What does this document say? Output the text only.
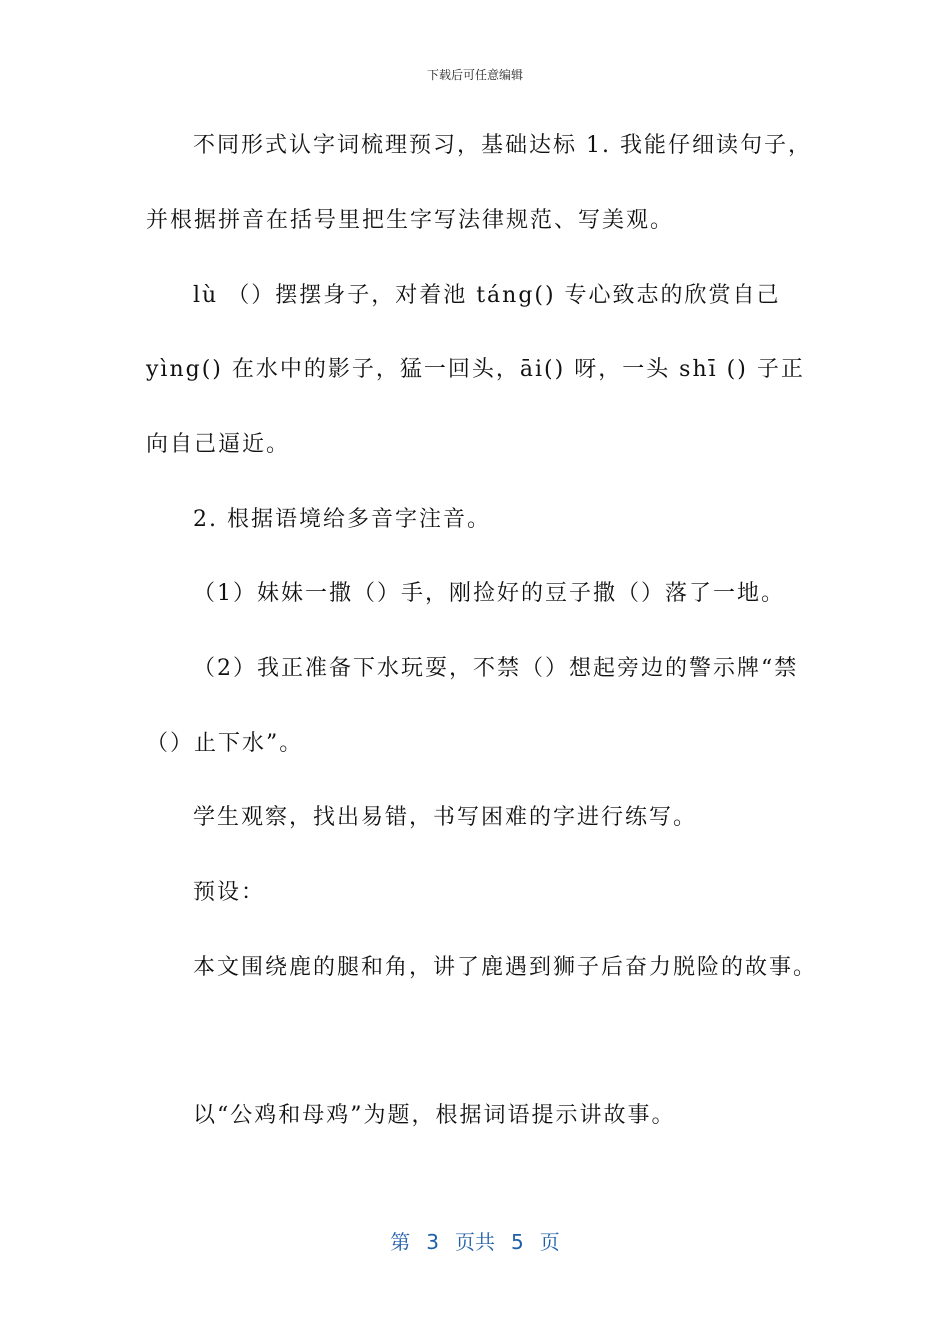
下载后可任意编辑
不同形式认字词梳理预习，基础达标 1. 我能仔细读句子，
并根据拼音在括号里把生字写法律规范、写美观。
lù （）摆摆身子，对着池 táng() 专心致志的欣赏自己
yìng() 在水中的影子，猛一回头，āi() 呀，一头 shī () 子正
向自己逼近。
2. 根据语境给多音字注音。
（1）妹妹一撒（）手，刚捡好的豆子撒（）落了一地。
（2）我正准备下水玩耍，不禁（）想起旁边的警示牌“禁
（）止下水”。
学生观察，找出易错，书写困难的字进行练写。
预设：
本文围绕鹿的腿和角，讲了鹿遇到狮子后奋力脱险的故事。
以“公鸡和母鸡”为题，根据词语提示讲故事。
第 3 页共 5 页
